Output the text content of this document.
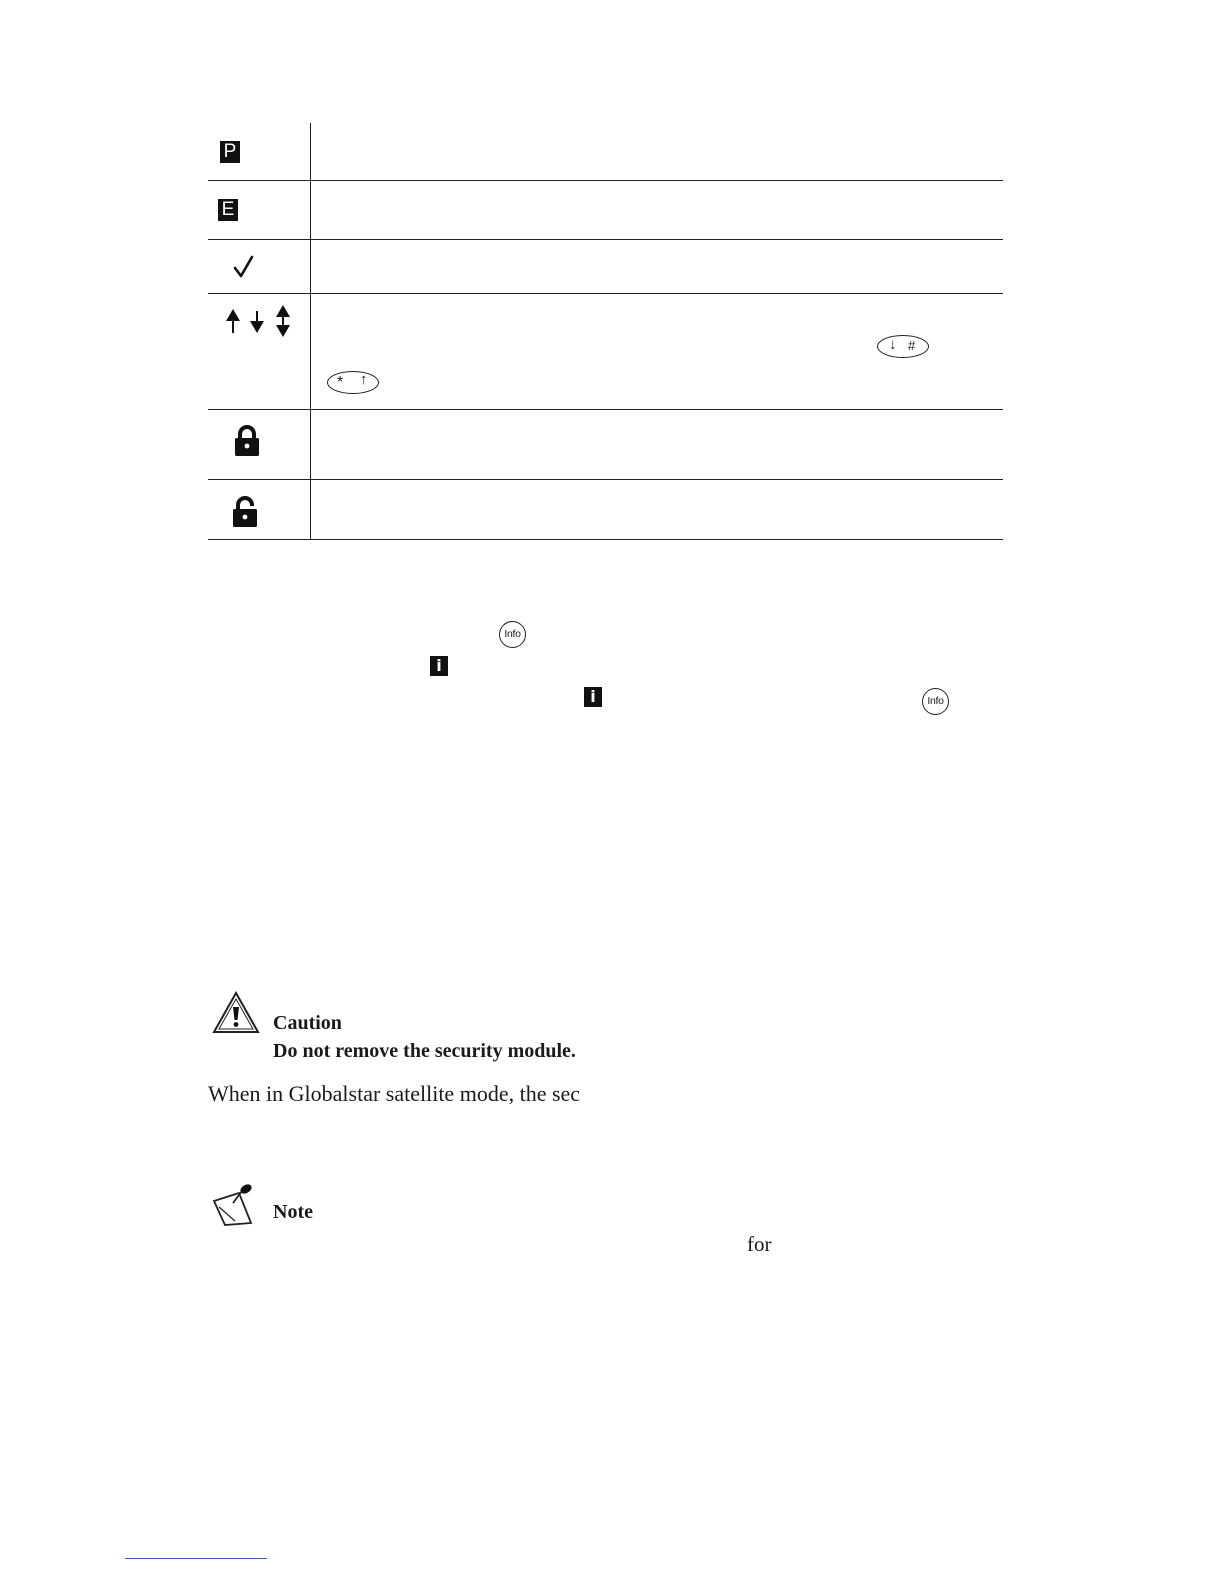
P
E
↓ #
* ↑
Info
i
i	Info
Caution
Do not remove the security module.
When in Globalstar satellite mode, the sec
Note
for
